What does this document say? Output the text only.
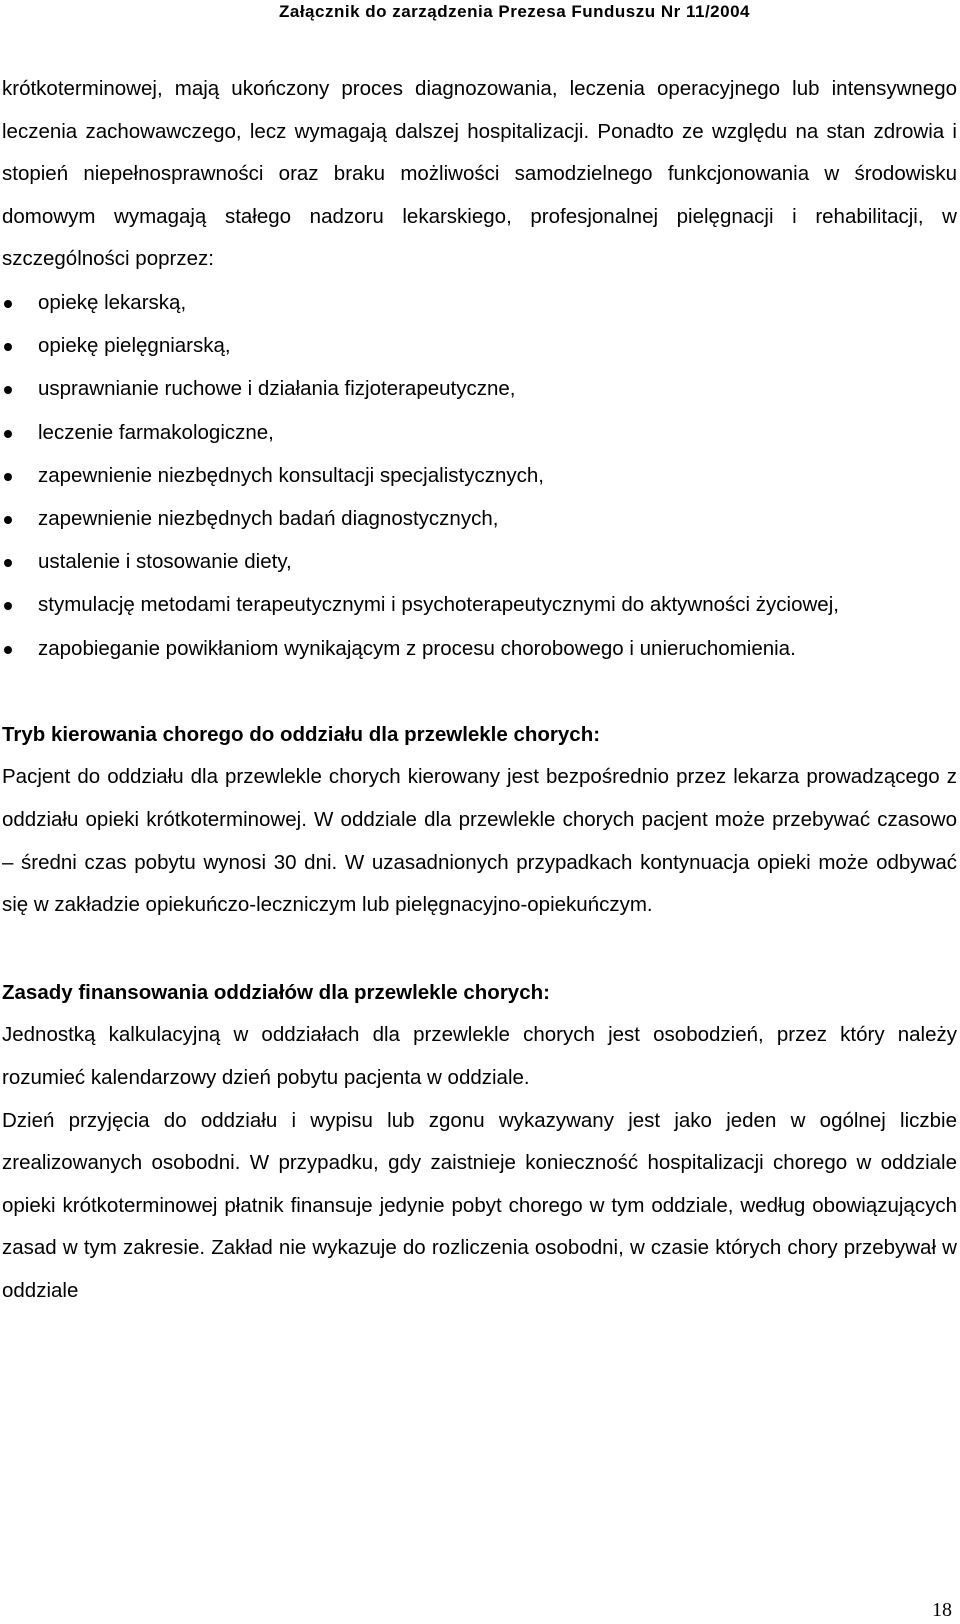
Załącznik do zarządzenia Prezesa Funduszu Nr 11/2004

krótkoterminowej, mają ukończony proces diagnozowania, leczenia operacyjnego lub intensywnego leczenia zachowawczego, lecz wymagają dalszej hospitalizacji. Ponadto ze względu na stan zdrowia i stopień niepełnosprawności oraz braku możliwości samodzielnego funkcjonowania w środowisku domowym wymagają stałego nadzoru lekarskiego, profesjonalnej pielęgnacji i rehabilitacji, w szczególności poprzez:

opiekę lekarską,
opiekę pielęgniarską,
usprawnianie ruchowe i działania fizjoterapeutyczne,
leczenie farmakologiczne,
zapewnienie niezbędnych konsultacji specjalistycznych,
zapewnienie niezbędnych badań diagnostycznych,
ustalenie i stosowanie diety,
stymulację metodami terapeutycznymi i psychoterapeutycznymi do aktywności życiowej,
zapobieganie powikłaniom wynikającym z procesu chorobowego i unieruchomienia.

Tryb kierowania chorego do oddziału dla przewlekle chorych:

Pacjent do oddziału dla przewlekle chorych kierowany jest bezpośrednio przez lekarza prowadzącego z oddziału opieki krótkoterminowej. W oddziale dla przewlekle chorych pacjent może przebywać czasowo – średni czas pobytu wynosi 30 dni. W uzasadnionych przypadkach kontynuacja opieki może odbywać się w zakładzie opiekuńczo-leczniczym lub pielęgnacyjno-opiekuńczym.

Zasady finansowania oddziałów dla przewlekle chorych:

Jednostką kalkulacyjną w oddziałach dla przewlekle chorych jest osobodzień, przez który należy rozumieć kalendarzowy dzień pobytu pacjenta w oddziale.

Dzień przyjęcia do oddziału i wypisu lub zgonu wykazywany jest jako jeden w ogólnej liczbie zrealizowanych osobodni. W przypadku, gdy zaistnieje konieczność hospitalizacji chorego w oddziale opieki krótkoterminowej płatnik finansuje jedynie pobyt chorego w tym oddziale, według obowiązujących zasad w tym zakresie. Zakład nie wykazuje do rozliczenia osobodni, w czasie których chory przebywał w oddziale

18
